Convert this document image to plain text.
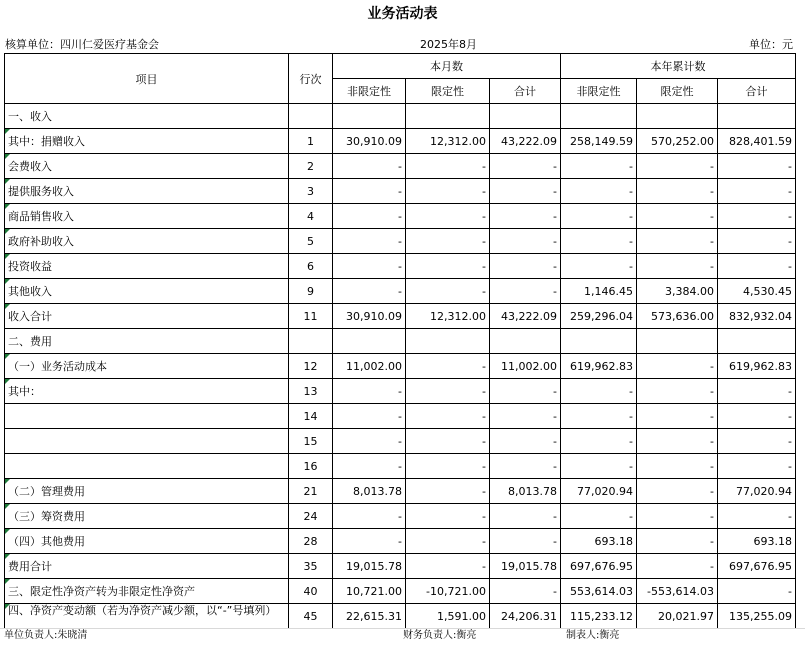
业务活动表
核算单位：四川仁爱医疗基金会	2025年8月	单位：元
项目	行次	本月数			本年累计数		
		非限定性	限定性	合计	非限定性	限定性	合计
一、收入							

其中：捐赠收入	1	30,910.09	12,312.00	43,222.09	258,149.59	570,252.00	828,401.59

会费收入	2	-	-	-	-	-	-

提供服务收入	3	-	-	-	-	-	-

商品销售收入	4	-	-	-	-	-	-

政府补助收入	5	-	-	-	-	-	-

投资收益	6	-	-	-	-	-	-

其他收入	9	-	-	-	1,146.45	3,384.00	4,530.45

收入合计	11	30,910.09	12,312.00	43,222.09	259,296.04	573,636.00	832,932.04
二、费用							

（一）业务活动成本	12	11,002.00	-	11,002.00	619,962.83	-	619,962.83

其中：	13	-	-	-	-	-	-
	14	-	-	-	-	-	-
	15	-	-	-	-	-	-
	16	-	-	-	-	-	-

（二）管理费用	21	8,013.78	-	8,013.78	77,020.94	-	77,020.94

（三）筹资费用	24	-	-	-	-	-	-

（四）其他费用	28	-	-	-	693.18	-	693.18

费用合计	35	19,015.78	-	19,015.78	697,676.95	-	697,676.95

三、限定性净资产转为非限定性净资产	40	10,721.00	-10,721.00	-	553,614.03	-553,614.03	-

四、净资产变动额（若为净资产减少额，以“-”号填列）	45	22,615.31	1,591.00	24,206.31	115,233.12	20,021.97	135,255.09
单位负责人:朱晓清	财务负责人:衡亮	制表人:衡亮
